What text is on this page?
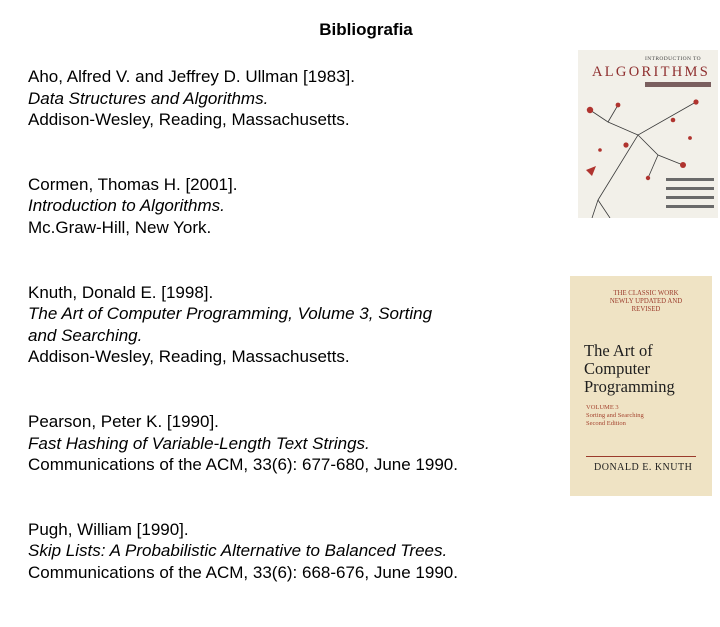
Bibliografia
Aho, Alfred V. and Jeffrey D. Ullman [1983].
Data Structures and Algorithms.
Addison-Wesley, Reading, Massachusetts.
Cormen, Thomas H. [2001].
Introduction to Algorithms.
Mc.Graw-Hill, New York.
Knuth, Donald E. [1998].
The Art of Computer Programming, Volume 3, Sorting
and Searching.
Addison-Wesley, Reading, Massachusetts.
Pearson, Peter K. [1990].
Fast Hashing of Variable-Length Text Strings.
Communications of the ACM, 33(6): 677-680, June 1990.
Pugh, William [1990].
Skip Lists: A Probabilistic Alternative to Balanced Trees.
Communications of the ACM, 33(6): 668-676, June 1990.
INTRODUCTION TO
ALGORITHMS
THE CLASSIC WORK
NEWLY UPDATED AND REVISED
The Art of
Computer
Programming
VOLUME 3
Sorting and Searching
Second Edition
DONALD E. KNUTH
